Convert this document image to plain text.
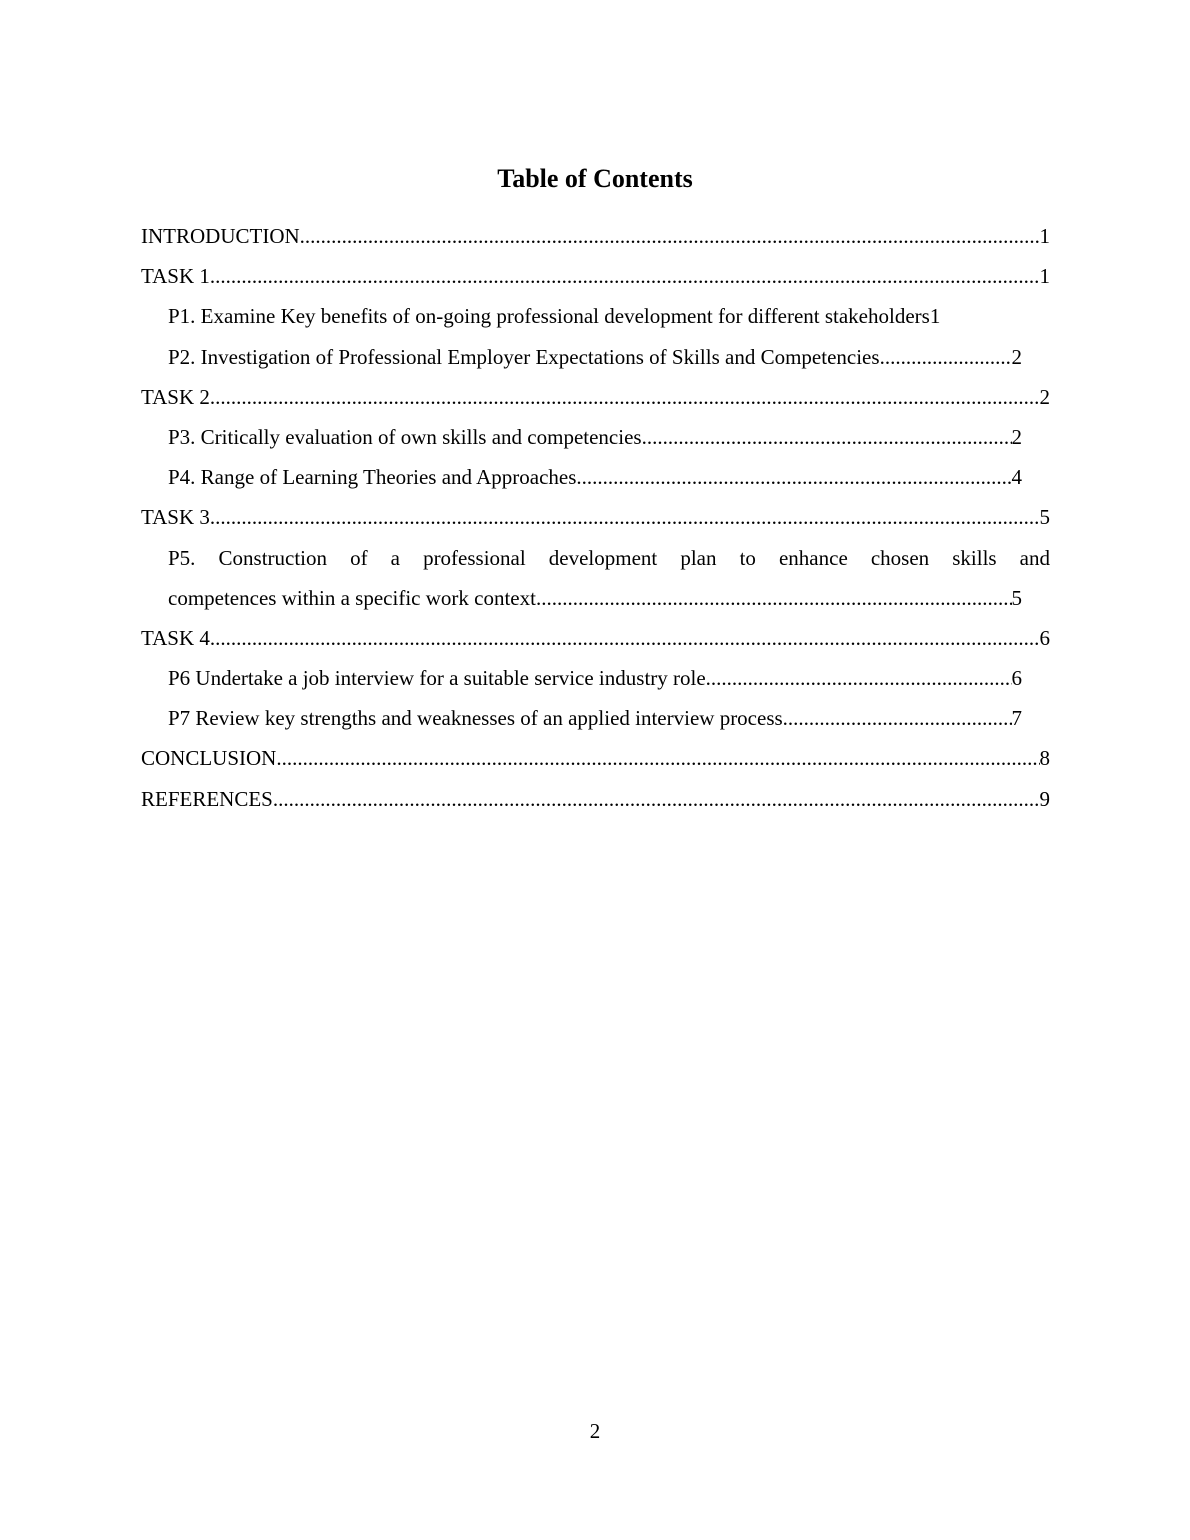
Table of Contents
INTRODUCTION .....	1
TASK 1 .....	1
P1. Examine Key benefits of on-going professional development for different stakeholders 1
P2. Investigation of Professional Employer Expectations of Skills and Competencies .....	2
TASK 2 .....	2
P3. Critically evaluation of own skills and competencies .....	2
P4. Range of Learning Theories and Approaches .....	4
TASK 3 .....	5
P5. Construction of a professional development plan to enhance chosen skills and
competences within a specific work context .....	5
TASK 4 .....	6
P6 Undertake a job interview for a suitable service industry role .....	6
P7 Review key strengths and weaknesses of an applied interview process .....	7
CONCLUSION .....	8
REFERENCES .....	9
2
